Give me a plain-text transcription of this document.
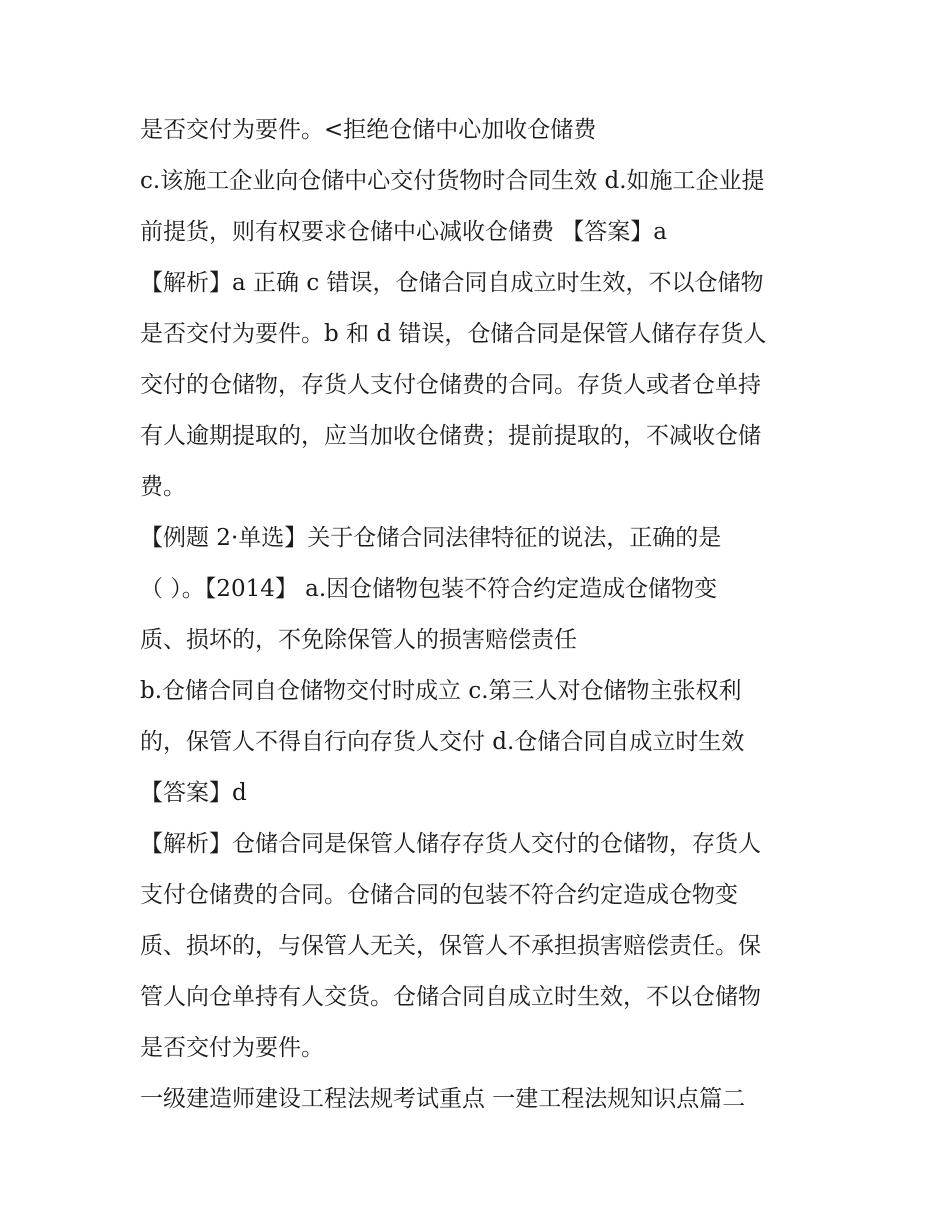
是否交付为要件。<拒绝仓储中心加收仓储费
c.该施工企业向仓储中心交付货物时合同生效 d.如施工企业提
前提货，则有权要求仓储中心减收仓储费 【答案】a
【解析】a 正确 c 错误，仓储合同自成立时生效，不以仓储物
是否交付为要件。b 和 d 错误，仓储合同是保管人储存存货人
交付的仓储物，存货人支付仓储费的合同。存货人或者仓单持
有人逾期提取的，应当加收仓储费；提前提取的，不减收仓储
费。
【例题 2·单选】关于仓储合同法律特征的说法，正确的是
（ ）。【2014】 a.因仓储物包装不符合约定造成仓储物变
质、损坏的，不免除保管人的损害赔偿责任
b.仓储合同自仓储物交付时成立 c.第三人对仓储物主张权利
的，保管人不得自行向存货人交付 d.仓储合同自成立时生效
【答案】d
【解析】仓储合同是保管人储存存货人交付的仓储物，存货人
支付仓储费的合同。仓储合同的包装不符合约定造成仓物变
质、损坏的，与保管人无关，保管人不承担损害赔偿责任。保
管人向仓单持有人交货。仓储合同自成立时生效，不以仓储物
是否交付为要件。
一级建造师建设工程法规考试重点 一建工程法规知识点篇二
